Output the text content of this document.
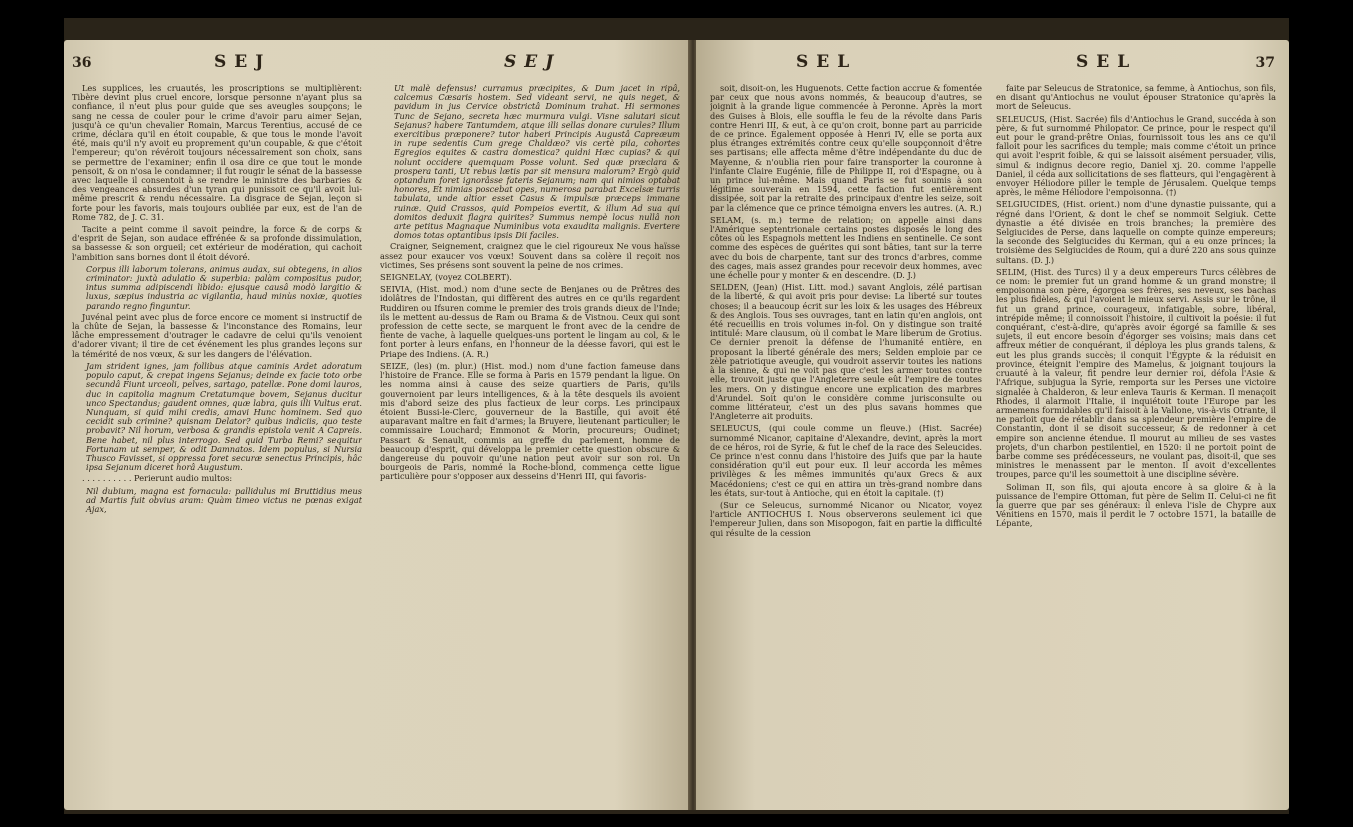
36	SEJ	SEJ

Les supplices, les cruautés, les proscriptions se multiplièrent: Tibère devint plus cruel encore, lorsque personne n'ayant plus sa confiance, il n'eut plus pour guide que ses aveugles soupçons; le sang ne cessa de couler pour le crime d'avoir paru aimer Sejan, jusqu'à ce qu'un chevalier Romain, Marcus Terentius, accusé de ce crime, déclara qu'il en étoit coupable, & que tous le monde l'avoit été, mais qu'il n'y avoit eu proprement qu'un coupable, & que c'étoit l'empereur; qu'on révéroit toujours nécessairement son choix, sans se permettre de l'examiner; enfin il osa dire ce que tout le monde pensoit, & on n'osa le condamner; il fut rougir le sénat de la bassesse avec laquelle il consentoit à se rendre le ministre des barbaries & des vengeances absurdes d'un tyran qui punissoit ce qu'il avoit lui-même prescrit & rendu nécessaire. La disgrace de Sejan, leçon si forte pour les favoris, mais toujours oubliée par eux, est de l'an de Rome 782, de J. C. 31.

Tacite a peint comme il savoit peindre, la force & de corps & d'esprit de Sejan, son audace effrénée & sa profonde dissimulation, sa bassesse & son orgueil; cet extérieur de modération, qui cachoit l'ambition sans bornes dont il étoit dévoré.

Corpus illi laborum tolerans, animus audax, sui obtegens, in alios criminator: juxtà adulatio & superbia: palàm compositus pudor, intus summa adipiscendi libido: ejusque causâ modò largitio & luxus, sæpius industria ac vigilantia, haud minùs noxiæ, quoties parando regno finguntur.

Juvénal peint avec plus de force encore ce moment si instructif de la chûte de Sejan, la bassesse & l'inconstance des Romains, leur lâche empressement d'outrager le cadavre de celui qu'ils venoient d'adorer vivant; il tire de cet événement les plus grandes leçons sur la témérité de nos vœux, & sur les dangers de l'élévation.

Jam strident ignes, jam follibus atque caminis Ardet adoratum populo caput, & crepat ingens Sejanus; deinde ex facie toto orbe secundâ Fiunt urceoli, pelves, sartago, patellæ. Pone domi lauros, duc in capitolia magnum Cretatumque bovem, Sejanus ducitur unco Spectandus; gaudent omnes, quæ labra, quis illi Vultus erat. Nunquam, si quid mihi credis, amavi Hunc hominem. Sed quo cecidit sub crimine? quisnam Delator? quibus indiciis, quo teste probavit? Nil horum, verbosa & grandis epistola venit A Capreis. Bene habet, nil plus interrogo. Sed quid Turba Remi? sequitur Fortunam ut semper, & odit Damnatos. Idem populus, si Nursia Thusco Favisset, si oppressa foret securæ senectus Principis, hâc ipsa Sejanum diceret horâ Augustum.

. . . . . . . . . . Perierunt audio multos:

Nil dubium, magna est fornacula: pallidulus mi Bruttidius meus ad Martis fuit obvius aram: Quàm timeo victus ne pœnas exigat Ajax,

Ut malè defensus! curramus præcipites, & Dum jacet in ripâ, calcemus Cæsaris hostem. Sed videant servi, ne quis neget, & pavidum in jus Cervice obstrictâ Dominum trahat. Hi sermones Tunc de Sejano, secreta hæc murmura vulgi. Visne salutari sicut Sejanus? habere Tantumdem, atque illi sellas donare curules? Illum exercitibus præponere? tutor haberi Principis Augustâ Capreæum in rupe sedentis Cum grege Chaldæo? vis certè pila, cohortes Egregios equites & castra domestica? quidni Hæc cupias? & qui nolunt occidere quemquam Posse volunt. Sed quæ præclara & prospera tanti, Ut rebus lætis par sit mensura malorum? Ergò quid optandum foret ignorâsse fateris Sejanum; nam qui nimios optabat honores, Et nimias poscebat opes, numerosa parabat Excelsæ turris tabulata, unde altior esset Casus & impulsæ præceps immane ruinæ. Quid Crassos, quid Pompeios evertit, & illum Ad sua qui domitos deduxit flagra quirites? Summus nempè locus nullâ non arte petitus Magnaque Numinibus vota exaudita malignis. Evertere domos totas optantibus ipsis Dii faciles.

Craigner, Seignement, craignez que le ciel rigoureux Ne vous haïsse assez pour exaucer vos vœux! Souvent dans sa colère il reçoit nos victimes, Ses présens sont souvent la peine de nos crimes.

SEIGNELAY, (voyez COLBERT).

SEIVIA, (Hist. mod.) nom d'une secte de Benjanes ou de Prêtres des idolâtres de l'Indostan, qui diffèrent des autres en ce qu'ils regardent Ruddiren ou Ifsuren comme le premier des trois grands dieux de l'Inde; ils le mettent au-dessus de Ram ou Brama & de Vistnou. Ceux qui sont profession de cette secte, se marquent le front avec de la cendre de fiente de vache, à laquelle quelques-uns portent le lingam au col, & le font porter à leurs enfans, en l'honneur de la déesse favori, qui est le Priape des Indiens. (A. R.)

SEIZE, (les) (m. plur.) (Hist. mod.) nom d'une faction fameuse dans l'histoire de France. Elle se forma à Paris en 1579 pendant la ligue. On les nomma ainsi à cause des seize quartiers de Paris, qu'ils gouvernoient par leurs intelligences, & à la tête desquels ils avoient mis d'abord seize des plus factieux de leur corps. Les principaux étoient Bussi-le-Clerc, gouverneur de la Bastille, qui avoit été auparavant maître en fait d'armes; la Bruyere, lieutenant particulier; le commissaire Louchard; Emmonot & Morin, procureurs; Oudinet; Passart & Senault, commis au greffe du parlement, homme de beaucoup d'esprit, qui développa le premier cette question obscure & dangereuse du pouvoir qu'une nation peut avoir sur son roi. Un bourgeois de Paris, nommé la Roche-blond, commença cette ligue particulière pour s'opposer aux desseins d'Henri III, qui favoris-

SEL	SEL	37

soit, disoit-on, les Huguenots. Cette faction accrue & fomentée par ceux que nous avons nommés, & beaucoup d'autres, se joignit à la grande ligue commencée à Peronne. Après la mort des Guises à Blois, elle souffla le feu de la révolte dans Paris contre Henri III, & eut, à ce qu'on croit, bonne part au parricide de ce prince. Également opposée à Henri IV, elle se porta aux plus étranges extrémités contre ceux qu'elle soupçonnoit d'être ses partisans; elle affecta même d'être indépendante du duc de Mayenne, & n'oublia rien pour faire transporter la couronne à l'infante Claire Eugénie, fille de Philippe II, roi d'Espagne, ou à un prince lui-même. Mais quand Paris se fut soumis à son légitime souverain en 1594, cette faction fut entièrement dissipée, soit par la retraite des principaux d'entre les seize, soit par la clémence que ce prince témoigna envers les autres. (A. R.)

SELAM, (s. m.) terme de relation; on appelle ainsi dans l'Amérique septentrionale certains postes disposés le long des côtes où les Espagnols mettent les Indiens en sentinelle. Ce sont comme des espèces de guérites qui sont bâties, tant sur la terre avec du bois de charpente, tant sur des troncs d'arbres, comme des cages, mais assez grandes pour recevoir deux hommes, avec une échelle pour y monter & en descendre. (D. J.)

SELDEN, (Jean) (Hist. Litt. mod.) savant Anglois, zélé partisan de la liberté, & qui avoit pris pour devise: La liberté sur toutes choses; il a beaucoup écrit sur les loix & les usages des Hébreux & des Anglois. Tous ses ouvrages, tant en latin qu'en anglois, ont été recueillis en trois volumes in-fol. On y distingue son traité intitulé: Mare clausum, où il combat le Mare liberum de Grotius. Ce dernier prenoit la défense de l'humanité entière, en proposant la liberté générale des mers; Selden emploie par ce zèle patriotique aveugle, qui voudroit asservir toutes les nations à la sienne, & qui ne voit pas que c'est les armer toutes contre elle, trouvoit juste que l'Angleterre seule eût l'empire de toutes les mers. On y distingue encore une explication des marbres d'Arundel. Soit qu'on le considère comme jurisconsulte ou comme littérateur, c'est un des plus savans hommes que l'Angleterre ait produits.

SELEUCUS, (qui coule comme un fleuve.) (Hist. Sacrée) surnommé Nicanor, capitaine d'Alexandre, devint, après la mort de ce héros, roi de Syrie, & fut le chef de la race des Seleucides. Ce prince n'est connu dans l'histoire des Juifs que par la haute considération qu'il eut pour eux. Il leur accorda les mêmes privilèges & les mêmes immunités qu'aux Grecs & aux Macédoniens; c'est ce qui en attira un très-grand nombre dans les états, sur-tout à Antioche, qui en étoit la capitale. (†)

(Sur ce Seleucus, surnommé Nicanor ou Nicator, voyez l'article ANTIOCHUS I. Nous observerons seulement ici que l'empereur Julien, dans son Misopogon, fait en partie la difficulté qui résulte de la cession

faite par Seleucus de Stratonice, sa femme, à Antiochus, son fils, en disant qu'Antiochus ne voulut épouser Stratonice qu'après la mort de Seleucus.

SELEUCUS, (Hist. Sacrée) fils d'Antiochus le Grand, succéda à son père, & fut surnommé Philopator. Ce prince, pour le respect qu'il eut pour le grand-prêtre Onias, fournissoit tous les ans ce qu'il falloit pour les sacrifices du temple; mais comme c'étoit un prince qui avoit l'esprit foible, & qui se laissoit aisément persuader, vilis, simul & indignus decore regio, Daniel xj. 20. comme l'appelle Daniel, il céda aux sollicitations de ses flatteurs, qui l'engagèrent à envoyer Héliodore piller le temple de Jérusalem. Quelque temps après, le même Héliodore l'empoisonna. (†)

SELGIUCIDES, (Hist. orient.) nom d'une dynastie puissante, qui a régné dans l'Orient, & dont le chef se nommoit Selgiuk. Cette dynastie a été divisée en trois branches; la première des Selgiucides de Perse, dans laquelle on compte quinze empereurs; la seconde des Selgiucides du Kerman, qui a eu onze princes; la troisième des Selgiucides de Roum, qui a duré 220 ans sous quinze sultans. (D. J.)

SELIM, (Hist. des Turcs) il y a deux empereurs Turcs célèbres de ce nom: le premier fut un grand homme & un grand monstre; il empoisonna son père, égorgea ses frères, ses neveux, ses bachas les plus fidèles, & qui l'avoient le mieux servi. Assis sur le trône, il fut un grand prince, courageux, infatigable, sobre, libéral, intrépide même; il connoissoit l'histoire, il cultivoit la poésie: il fut conquérant, c'est-à-dire, qu'après avoir égorgé sa famille & ses sujets, il eut encore besoin d'égorger ses voisins; mais dans cet affreux métier de conquérant, il déploya les plus grands talens, & eut les plus grands succès; il conquit l'Égypte & la réduisit en province, éteignit l'empire des Mamelus, & joignant toujours la cruauté à la valeur, fit pendre leur dernier roi, défola l'Asie & l'Afrique, subjugua la Syrie, remporta sur les Perses une victoire signalée à Chalderon, & leur enleva Tauris & Kerman. Il menaçoit Rhodes, il alarmoit l'Italie, il inquiétoit toute l'Europe par les armemens formidables qu'il faisoit à la Vallone, vis-à-vis Otrante, il ne parloit que de rétablir dans sa splendeur première l'empire de Constantin, dont il se disoit successeur, & de redonner à cet empire son ancienne étendue. Il mourut au milieu de ses vastes projets, d'un charbon pestilentiel, en 1520: il ne portoit point de barbe comme ses prédécesseurs, ne voulant pas, disoit-il, que ses ministres le menassent par le menton. Il avoit d'excellentes troupes, parce qu'il les soumettoit à une discipline sévère.

Soliman II, son fils, qui ajouta encore à sa gloire & à la puissance de l'empire Ottoman, fut père de Selim II. Celui-ci ne fit la guerre que par ses généraux: il enleva l'isle de Chypre aux Vénitiens en 1570, mais il perdit le 7 octobre 1571, la bataille de Lépante,
